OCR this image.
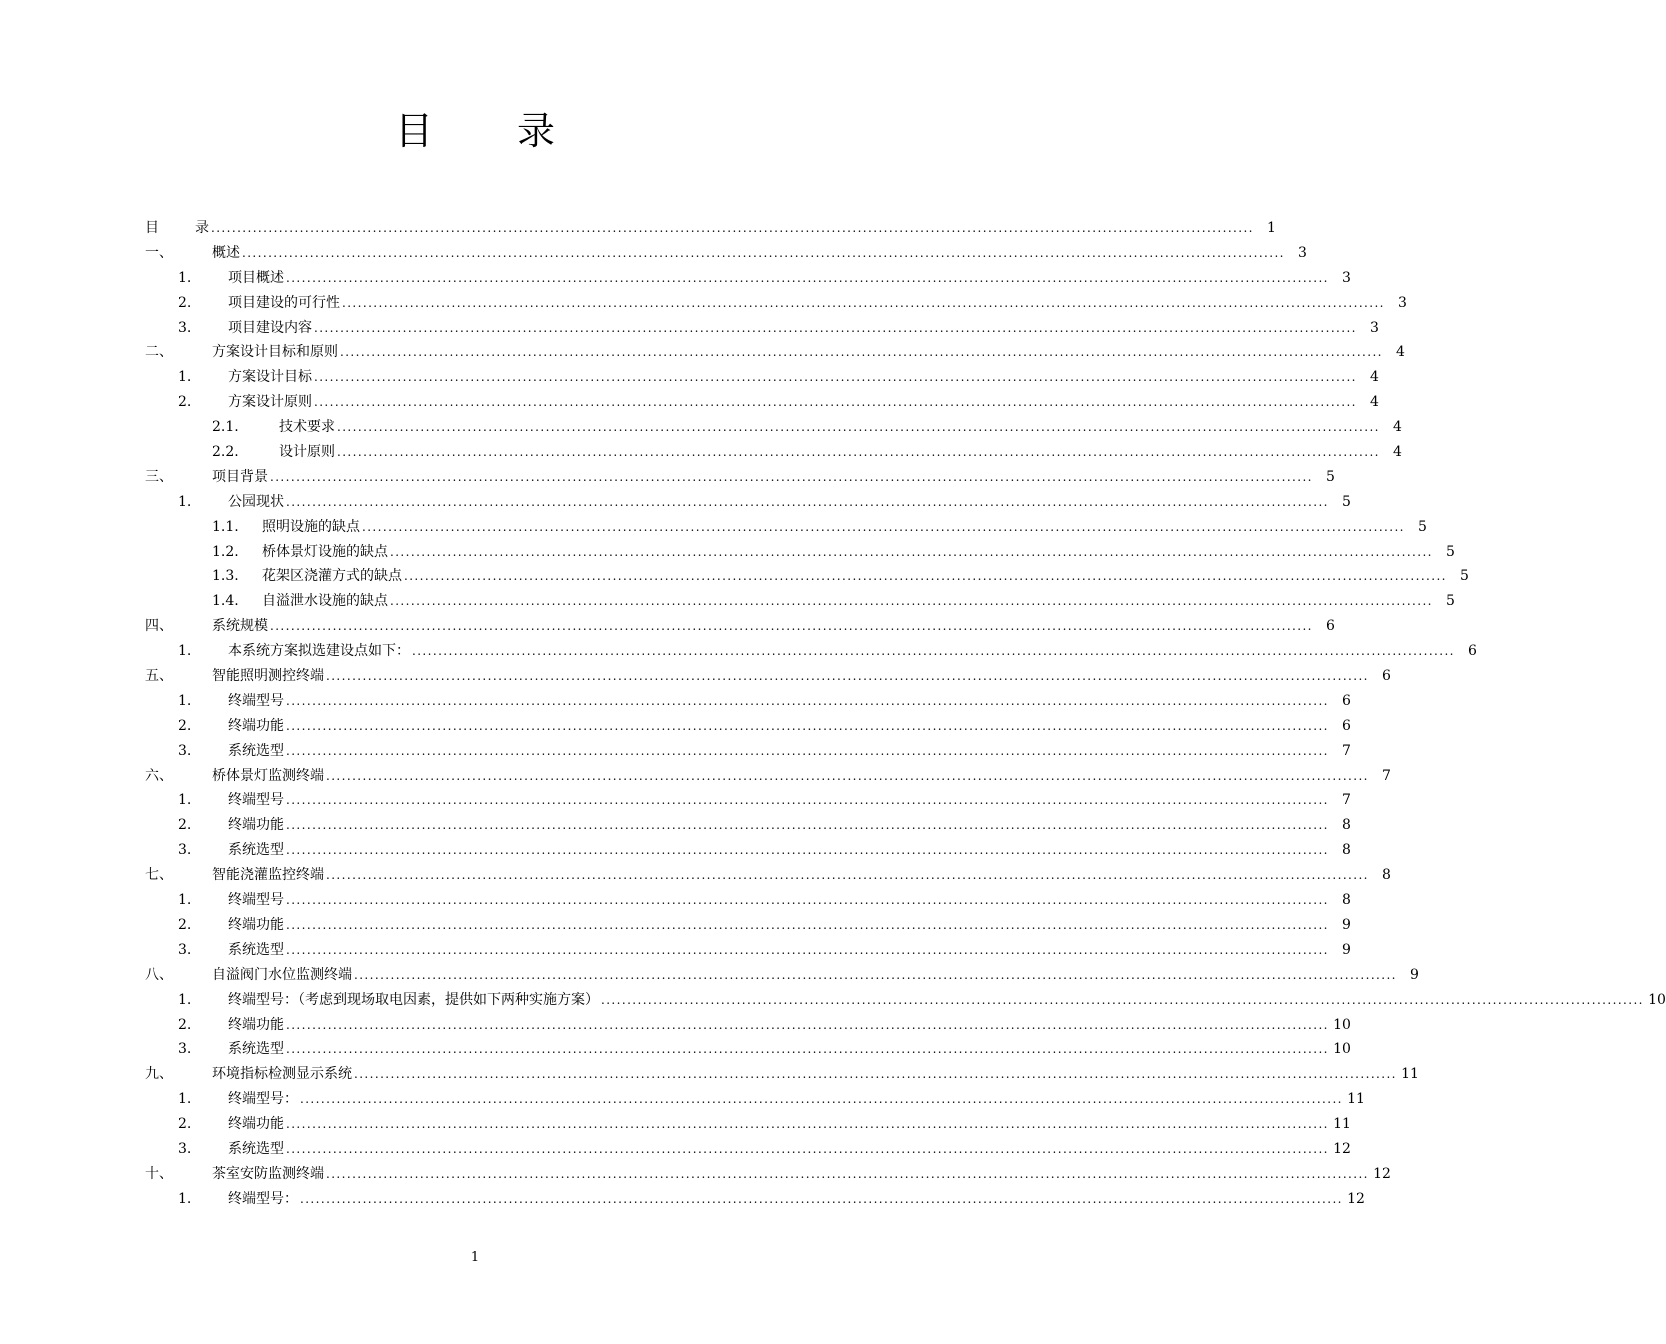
目 录
目	录 ........................................................................................................................................................................................................ 1
一、	概述 ........................................................................................................................................................................................................ 3
1.	项目概述 ........................................................................................................................................................................................................ 3
2.	项目建设的可行性 ........................................................................................................................................................................................................ 3
3.	项目建设内容 ........................................................................................................................................................................................................ 3
二、	方案设计目标和原则 ........................................................................................................................................................................................................ 4
1.	方案设计目标 ........................................................................................................................................................................................................ 4
2.	方案设计原则 ........................................................................................................................................................................................................ 4
2.1.	技术要求 ........................................................................................................................................................................................................ 4
2.2.	设计原则 ........................................................................................................................................................................................................ 4
三、	项目背景 ........................................................................................................................................................................................................ 5
1.	公园现状 ........................................................................................................................................................................................................ 5
1.1.	照明设施的缺点 ........................................................................................................................................................................................................ 5
1.2.	桥体景灯设施的缺点 ........................................................................................................................................................................................................ 5
1.3.	花架区浇灌方式的缺点 ........................................................................................................................................................................................................ 5
1.4.	自溢泄水设施的缺点 ........................................................................................................................................................................................................ 5
四、	系统规模 ........................................................................................................................................................................................................ 6
1.	本系统方案拟选建设点如下： ........................................................................................................................................................................................................ 6
五、	智能照明测控终端 ........................................................................................................................................................................................................ 6
1.	终端型号 ........................................................................................................................................................................................................ 6
2.	终端功能 ........................................................................................................................................................................................................ 6
3.	系统选型 ........................................................................................................................................................................................................ 7
六、	桥体景灯监测终端 ........................................................................................................................................................................................................ 7
1.	终端型号 ........................................................................................................................................................................................................ 7
2.	终端功能 ........................................................................................................................................................................................................ 8
3.	系统选型 ........................................................................................................................................................................................................ 8
七、	智能浇灌监控终端 ........................................................................................................................................................................................................ 8
1.	终端型号 ........................................................................................................................................................................................................ 8
2.	终端功能 ........................................................................................................................................................................................................ 9
3.	系统选型 ........................................................................................................................................................................................................ 9
八、	自溢阀门水位监测终端 ........................................................................................................................................................................................................ 9
1.	终端型号：（考虑到现场取电因素，提供如下两种实施方案） ........................................................................................................................................................................................................ 10
2.	终端功能 ........................................................................................................................................................................................................ 10
3.	系统选型 ........................................................................................................................................................................................................ 10
九、	环境指标检测显示系统 ........................................................................................................................................................................................................ 11
1.	终端型号： ........................................................................................................................................................................................................ 11
2.	终端功能 ........................................................................................................................................................................................................ 11
3.	系统选型 ........................................................................................................................................................................................................ 12
十、	茶室安防监测终端 ........................................................................................................................................................................................................ 12
1.	终端型号： ........................................................................................................................................................................................................ 12
1
